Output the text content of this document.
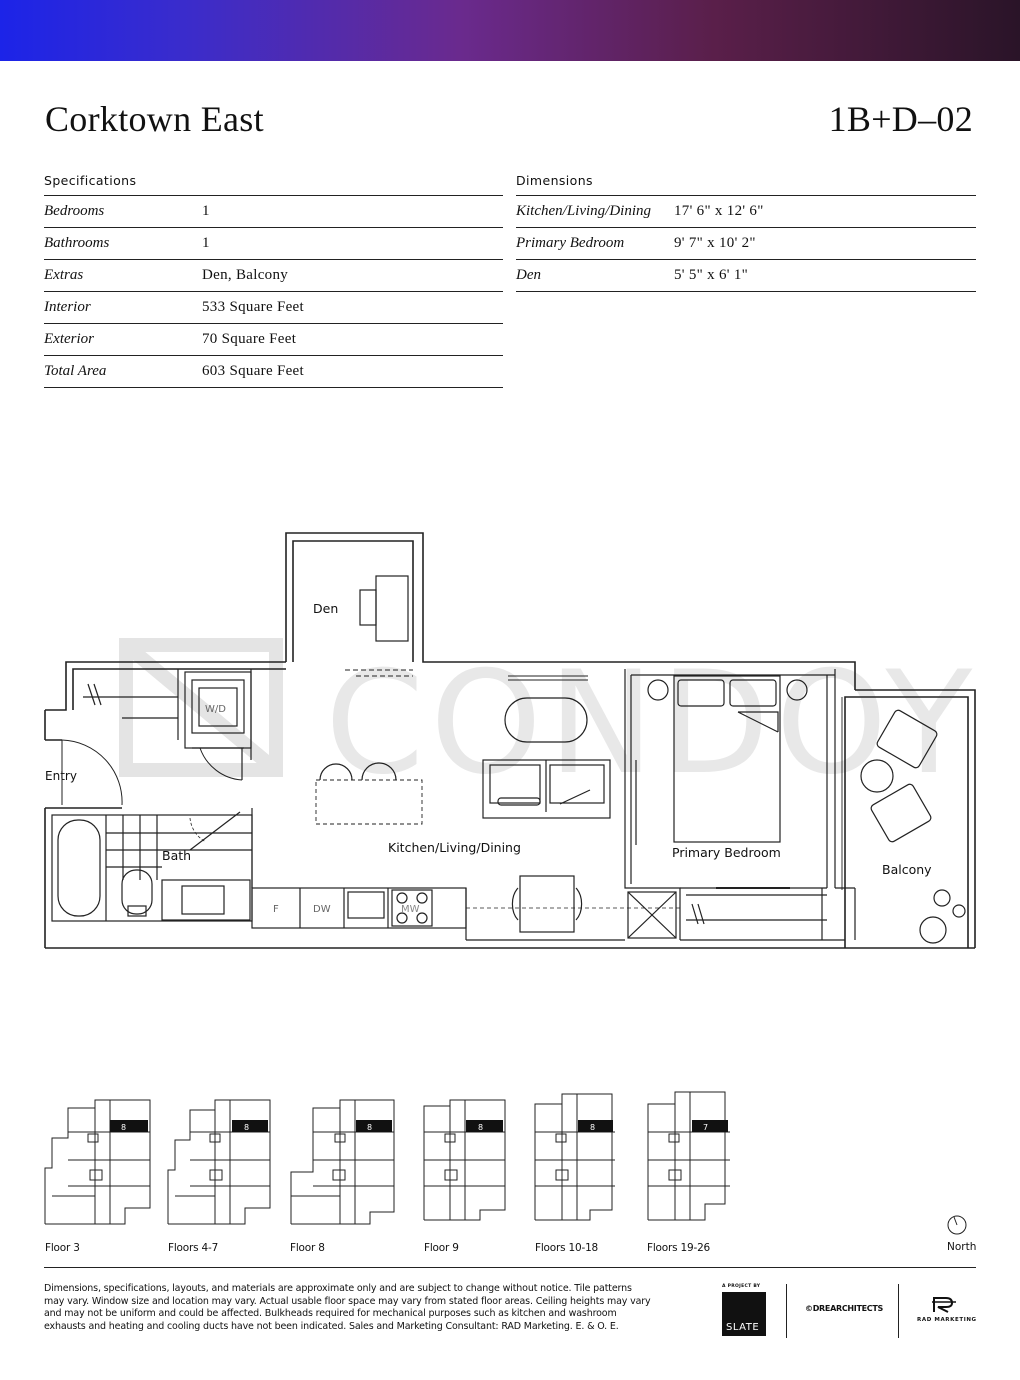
Corktown East	1B+D–02
Specifications
Bedrooms	1
Bathrooms	1
Extras	Den, Balcony
Interior	533 Square Feet
Exterior	70 Square Feet
Total Area	603 Square Feet
Dimensions
Kitchen/Living/Dining	17' 6" x 12' 6"
Primary Bedroom	9' 7" x 10' 2"
Den	5' 5" x 6' 1"
CONDOY
Den
Entry
Bath
Kitchen/Living/Dining	Primary Bedroom
Balcony
W/D
F	DW	MW
8	8	8	8	8	7
Floor 3	Floors 4-7	Floor 8	Floor 9	Floors 10-18	Floors 19-26	North
Dimensions, specifications, layouts, and materials are approximate only and are subject to change without notice. Tile patterns may vary. Window size and location may vary. Actual usable floor space may vary from stated floor areas. Ceiling heights may vary and may not be uniform and could be affected. Bulkheads required for mechanical purposes such as kitchen and washroom exhausts and heating and cooling ducts have not been indicated. Sales and Marketing Consultant: RAD Marketing. E. & O. E.
A PROJECT BY
SLATE
©DREARCHITECTS
RAD MARKETING
